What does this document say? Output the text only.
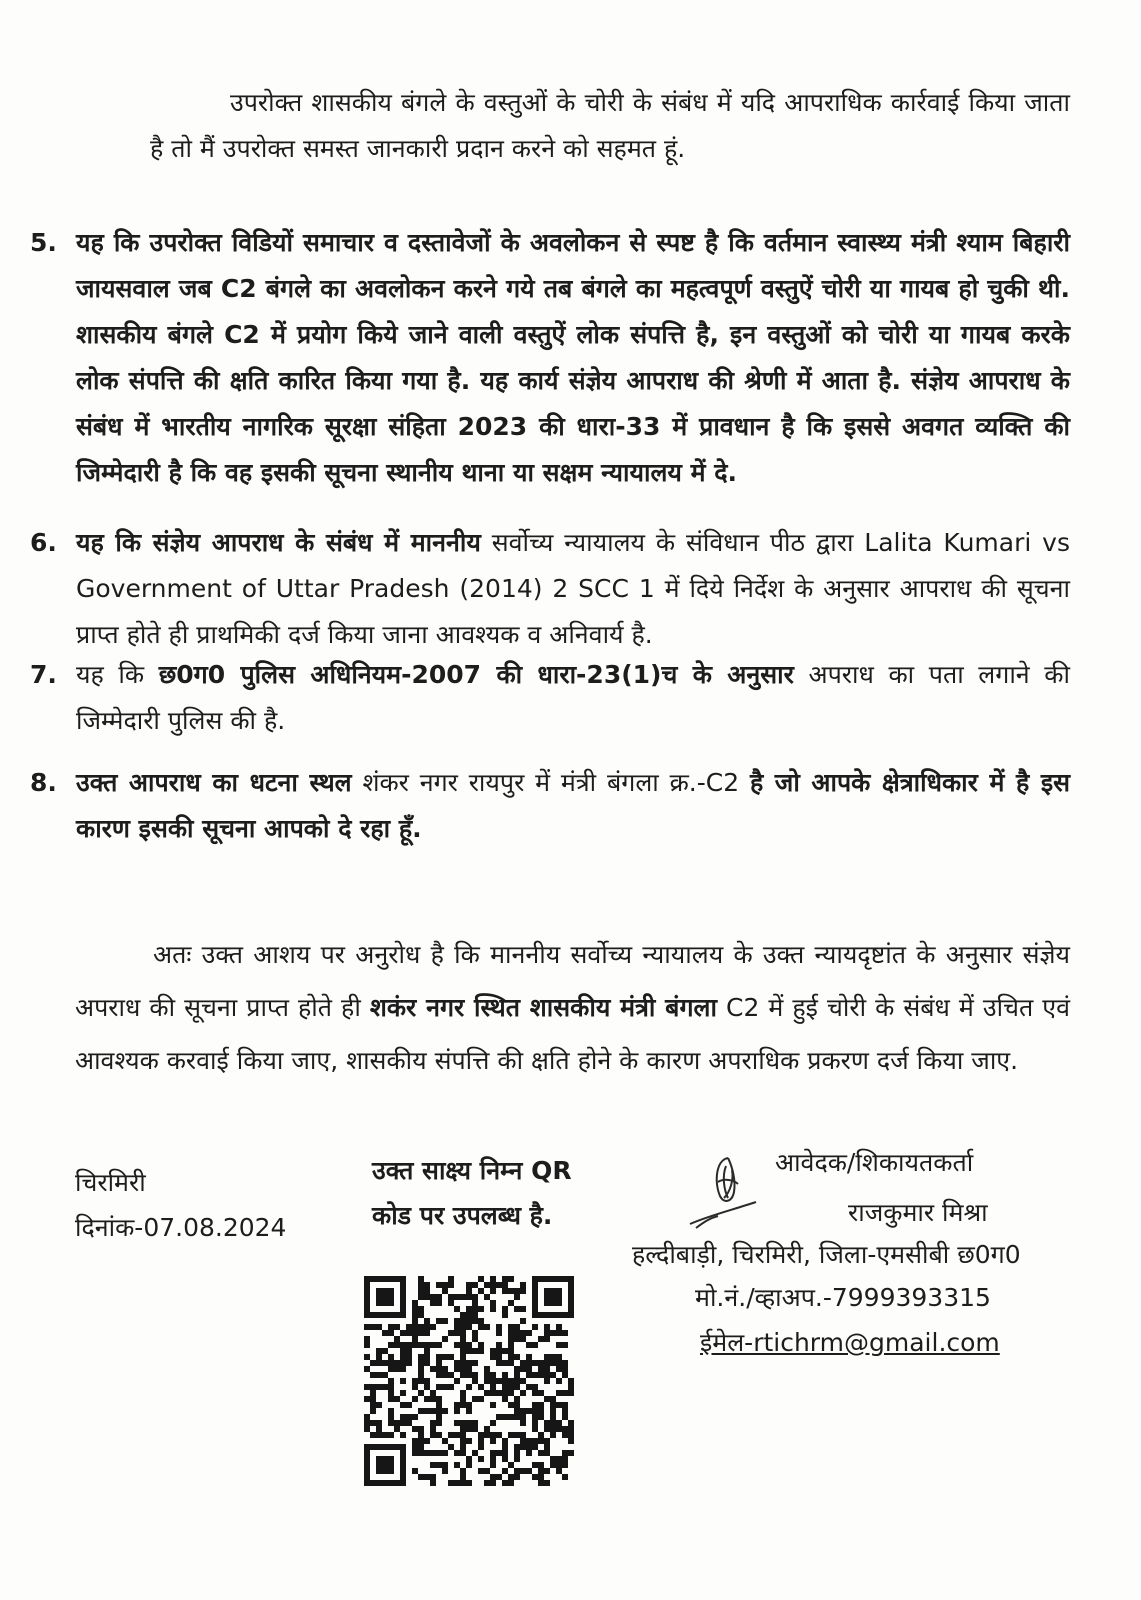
उपरोक्त शासकीय बंगले के वस्तुओं के चोरी के संबंध में यदि आपराधिक कार्रवाई किया जाता है तो मैं उपरोक्त समस्त जानकारी प्रदान करने को सहमत हूं.
5. यह कि उपरोक्त विडियों समाचार व दस्तावेजों के अवलोकन से स्पष्ट है कि वर्तमान स्वास्थ्य मंत्री श्याम बिहारी जायसवाल जब C2 बंगले का अवलोकन करने गये तब बंगले का महत्वपूर्ण वस्तुऐं चोरी या गायब हो चुकी थी. शासकीय बंगले C2 में प्रयोग किये जाने वाली वस्तुऐं लोक संपत्ति है, इन वस्तुओं को चोरी या गायब करके लोक संपत्ति की क्षति कारित किया गया है. यह कार्य संज्ञेय आपराध की श्रेणी में आता है. संज्ञेय आपराध के संबंध में भारतीय नागरिक सूरक्षा संहिता 2023 की धारा-33 में प्रावधान है कि इससे अवगत व्यक्ति की जिम्मेदारी है कि वह इसकी सूचना स्थानीय थाना या सक्षम न्यायालय में दे.
6. यह कि संज्ञेय आपराध के संबंध में माननीय सर्वोच्य न्यायालय के संविधान पीठ द्वारा Lalita Kumari vs Government of Uttar Pradesh (2014) 2 SCC 1 में दिये निर्देश के अनुसार आपराध की सूचना प्राप्त होते ही प्राथमिकी दर्ज किया जाना आवश्यक व अनिवार्य है.
7. यह कि छ0ग0 पुलिस अधिनियम-2007 की धारा-23(1)च के अनुसार अपराध का पता लगाने की जिम्मेदारी पुलिस की है.
8. उक्त आपराध का धटना स्थल शंकर नगर रायपुर में मंत्री बंगला क्र.-C2 है जो आपके क्षेत्राधिकार में है इस कारण इसकी सूचना आपको दे रहा हूँ.
अतः उक्त आशय पर अनुरोध है कि माननीय सर्वोच्य न्यायालय के उक्त न्यायदृष्टांत के अनुसार संज्ञेय अपराध की सूचना प्राप्त होते ही शकंर नगर स्थित शासकीय मंत्री बंगला C2 में हुई चोरी के संबंध में उचित एवं आवश्यक करवाई किया जाए, शासकीय संपत्ति की क्षति होने के कारण अपराधिक प्रकरण दर्ज किया जाए.
चिरमिरी
दिनांक-07.08.2024
उक्त साक्ष्य निम्न QR
कोड पर उपलब्ध है.
आवेदक/शिकायतकर्ता
राजकुमार मिश्रा
हल्दीबाड़ी, चिरमिरी, जिला-एमसीबी छ0ग0
मो.नं./व्हाअप.-7999393315
ईमेल-rtichrm@gmail.com
